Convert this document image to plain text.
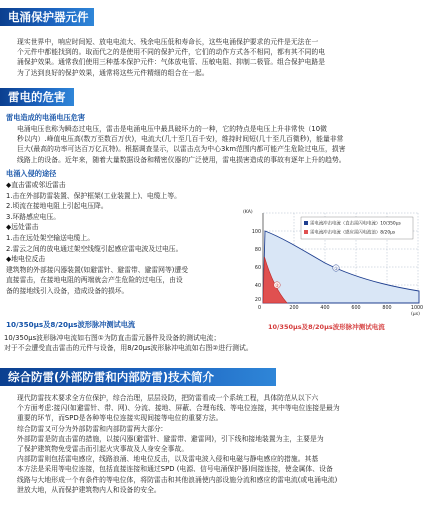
电涌保护器元件的分类
现实世界中，响应时间短、放电电流大、残余电压低和寿命长，这些电涌保护要求的元件是无法在一
个元件中都能找到的。取而代之的是使用不同的保护元件，它们的动作方式各不相同，都有其不同的电
涌保护效果。通常我们使用三种基本保护元件：气体放电管、压敏电阻、抑制二极管。组合保护电路是
为了达到良好的保护效果，通常将这些元件精细的组合在一起。
雷电的危害
雷电造成的电涌电压危害
电涌电压也称为瞬态过电压，雷击是电涌电压中最具破坏力的一种，它的特点是电压上升非常快（10微
秒以内）.峰值电压高(数万至数百万伏)，电流大(几十至几百千安)，维持时间短(几十至几百微秒)，能量非常
巨大(最高的功率可达百万亿瓦特)。根据调查显示，以雷击点为中心3km范围内都可能产生危险过电压，损害
线路上的设备。近年来，随着大量数据设备和精密仪器的广泛使用，雷电损害造成的事故有逐年上升的趋势。
电涌入侵的途径
◆直击雷或邻近雷击
1.击在外部防雷装置、保护框架(工业装置上)、电缆上等。
2.顷流在接地电阻上引起电压降。
3.环路感应电压。
◆远处雷击
1.击在远处架空输送电缆上。
2.雷云之间的放电通过架空线缆引起感应雷电波及过电压。
◆地电位反击
建筑物的外部接闪器装置(如避雷针、避雷带、避雷网等)遭受
直接雷击，在接地电阻的两端就会产生危险的过电压，由设
备的接地线引入设备，造成设备的损坏。
(KA)
(μs)
100
80
60
40
20
0	200	400	600	800	1000
①
②
雷电流冲击电流（直击雷闪电电流）10/350μs
雷电流冲击电流（感应雷闪电波浪）8/20μs
10/350μs及8/20μs波形脉冲测试电流
10/350μs及8/20μs波形脉冲测试电流
10/350μs波形脉冲电流如右图①为防直击雷元器件及设备的测试电流；
对于不会遭受直击雷击的元件与设备，用8/20μs波形脉冲电流如右图②进行测试。
综合防雷(外部防雷和内部防雷)技术简介
现代防雷技术要求全方位保护，综合治理，层层设防，把防雷看成一个系统工程，具体防范从以下六
个方面考虑:接闪(如避雷针、带、网)、分流、接地、屏蔽、合理布线、等电位连接，其中等电位连接是最为
重要的环节，而SPD是各种等电位连接实现间接等电位的重要方法。
综合防雷又可分为外部防雷和内部防雷两大部分:
外部防雷是防直击雷的措施，以接闪器(避雷针、避雷带、避雷网)，引下线和接地装置为主，主要是为
了保护建筑物免受雷击而引起火灾事故及人身安全事故。
内部防雷则包括雷电感应，线路浪涌、地电位反击，以及雷电波入侵和电磁与静电感应的措施。其基
本方法是采用等电位连接，包括直接连接和通过SPD (电源、信号电涌保护器)间接连接，使金属体、设备
线路与大地形成一个有条件的等电位体，将防雷击和其他浪涌使内部设施分流和感应的雷电流(或电涌电流)
泄放大地，从而保护建筑物内人和设备的安全。
